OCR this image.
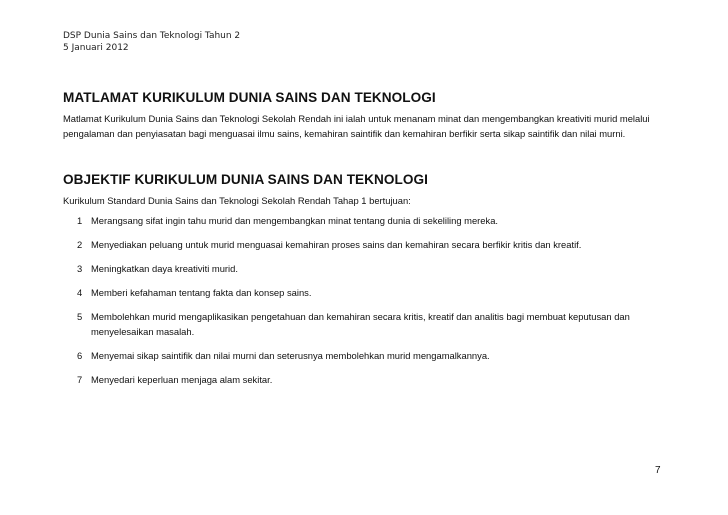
DSP Dunia Sains dan Teknologi Tahun 2
5 Januari 2012
MATLAMAT KURIKULUM DUNIA SAINS DAN TEKNOLOGI
Matlamat Kurikulum Dunia Sains dan Teknologi Sekolah Rendah ini ialah untuk menanam minat dan mengembangkan kreativiti murid melalui pengalaman dan penyiasatan bagi menguasai ilmu sains, kemahiran saintifik dan kemahiran berfikir serta sikap saintifik dan nilai murni.
OBJEKTIF KURIKULUM DUNIA SAINS DAN TEKNOLOGI
Kurikulum Standard Dunia Sains dan Teknologi Sekolah Rendah Tahap 1 bertujuan:
1 Merangsang sifat ingin tahu murid dan mengembangkan minat tentang dunia di sekeliling mereka.
2 Menyediakan peluang untuk murid menguasai kemahiran proses sains dan kemahiran secara berfikir kritis dan kreatif.
3 Meningkatkan daya kreativiti murid.
4 Memberi kefahaman tentang fakta dan konsep sains.
5 Membolehkan murid mengaplikasikan pengetahuan dan kemahiran secara kritis, kreatif dan analitis bagi membuat keputusan dan menyelesaikan masalah.
6 Menyemai sikap saintifik dan nilai murni dan seterusnya membolehkan murid mengamalkannya.
7 Menyedari keperluan menjaga alam sekitar.
7
